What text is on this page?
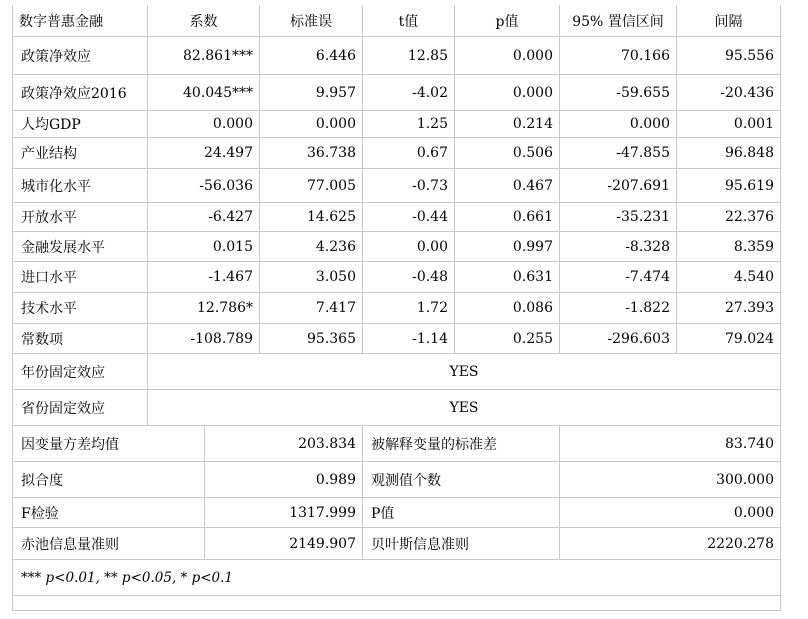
数字普惠金融	系数		标准误	t值	p值	95% 置信区间	间隔
政策净效应	82.861***		6.446	12.85	0.000	70.166	95.556
政策净效应2016	40.045***		9.957	-4.02	0.000	-59.655	-20.436
人均GDP	0.000		0.000	1.25	0.214	0.000	0.001
产业结构	24.497		36.738	0.67	0.506	-47.855	96.848
城市化水平	-56.036		77.005	-0.73	0.467	-207.691	95.619
开放水平	-6.427		14.625	-0.44	0.661	-35.231	22.376
金融发展水平	0.015		4.236	0.00	0.997	-8.328	8.359
进口水平	-1.467		3.050	-0.48	0.631	-7.474	4.540
技术水平	12.786*		7.417	1.72	0.086	-1.822	27.393
常数项	-108.789		95.365	-1.14	0.255	-296.603	79.024
年份固定效应	YES						
省份固定效应	YES						
因变量方差均值		203.834		被解释变量的标准差		83.740	
拟合度		0.989		观测值个数		300.000	
F检验		1317.999		P值		0.000	
赤池信息量准则		2149.907		贝叶斯信息准则		2220.278	
*** p<0.01, ** p<0.05, * p<0.1							
